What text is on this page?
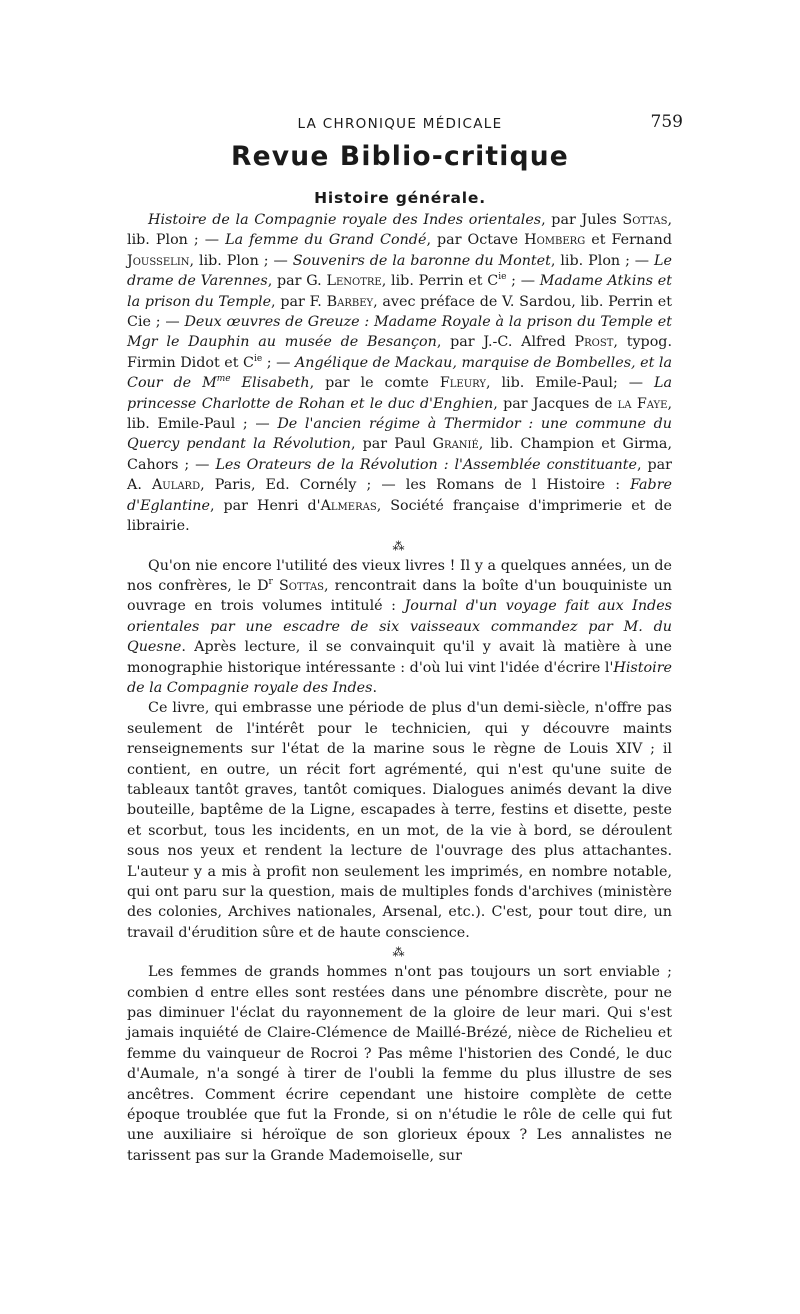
LA CHRONIQUE MÉDICALE	759
Revue Biblio-critique
Histoire générale.

Histoire de la Compagnie royale des Indes orientales, par Jules Sottas, lib. Plon ; — La femme du Grand Condé, par Octave Homberg et Fernand Jousselin, lib. Plon ; — Souvenirs de la baronne du Montet, lib. Plon ; — Le drame de Varennes, par G. Lenotre, lib. Perrin et $C^{ie}$ ; — Madame Atkins et la prison du Temple, par F. Barbey, avec préface de V. Sardou, lib. Perrin et Cie ; — Deux œuvres de Greuze : Madame Royale à la prison du Temple et Mgr le Dauphin au musée de Besançon, par J.-C. Alfred Prost, typog. Firmin Didot et $C^{ie}$ ; — Angélique de Mackau, marquise de Bombelles, et la Cour de $M^{me}$ Elisabeth, par le comte Fleury, lib. Emile-Paul; — La princesse Charlotte de Rohan et le duc d'Enghien, par Jacques de la Faye, lib. Emile-Paul ; — De l'ancien régime à Thermidor : une commune du Quercy pendant la Révolution, par Paul Granié, lib. Champion et Girma, Cahors ; — Les Orateurs de la Révolution : l'Assemblée constituante, par A. Aulard, Paris, Ed. Cornély ; — les Romans de l Histoire : Fabre d'Eglantine, par Henri d'Almeras, Société française d'imprimerie et de librairie.

⁂

Qu'on nie encore l'utilité des vieux livres ! Il y a quelques années, un de nos confrères, le $D^r$ Sottas, rencontrait dans la boîte d'un bouquiniste un ouvrage en trois volumes intitulé : Journal d'un voyage fait aux Indes orientales par une escadre de six vaisseaux commandez par M. du Quesne. Après lecture, il se convainquit qu'il y avait là matière à une monographie historique intéressante : d'où lui vint l'idée d'écrire l'Histoire de la Compagnie royale des Indes.

Ce livre, qui embrasse une période de plus d'un demi-siècle, n'offre pas seulement de l'intérêt pour le technicien, qui y découvre maints renseignements sur l'état de la marine sous le règne de Louis XIV ; il contient, en outre, un récit fort agrémenté, qui n'est qu'une suite de tableaux tantôt graves, tantôt comiques. Dialogues animés devant la dive bouteille, baptême de la Ligne, escapades à terre, festins et disette, peste et scorbut, tous les incidents, en un mot, de la vie à bord, se déroulent sous nos yeux et rendent la lecture de l'ouvrage des plus attachantes. L'auteur y a mis à profit non seulement les imprimés, en nombre notable, qui ont paru sur la question, mais de multiples fonds d'archives (ministère des colonies, Archives nationales, Arsenal, etc.). C'est, pour tout dire, un travail d'érudition sûre et de haute conscience.

⁂

Les femmes de grands hommes n'ont pas toujours un sort enviable ; combien d entre elles sont restées dans une pénombre discrète, pour ne pas diminuer l'éclat du rayonnement de la gloire de leur mari. Qui s'est jamais inquiété de Claire-Clémence de Maillé-Brézé, nièce de Richelieu et femme du vainqueur de Rocroi ? Pas même l'historien des Condé, le duc d'Aumale, n'a songé à tirer de l'oubli la femme du plus illustre de ses ancêtres. Comment écrire cependant une histoire complète de cette époque troublée que fut la Fronde, si on n'étudie le rôle de celle qui fut une auxiliaire si héroïque de son glorieux époux ? Les annalistes ne tarissent pas sur la Grande Mademoiselle, sur
